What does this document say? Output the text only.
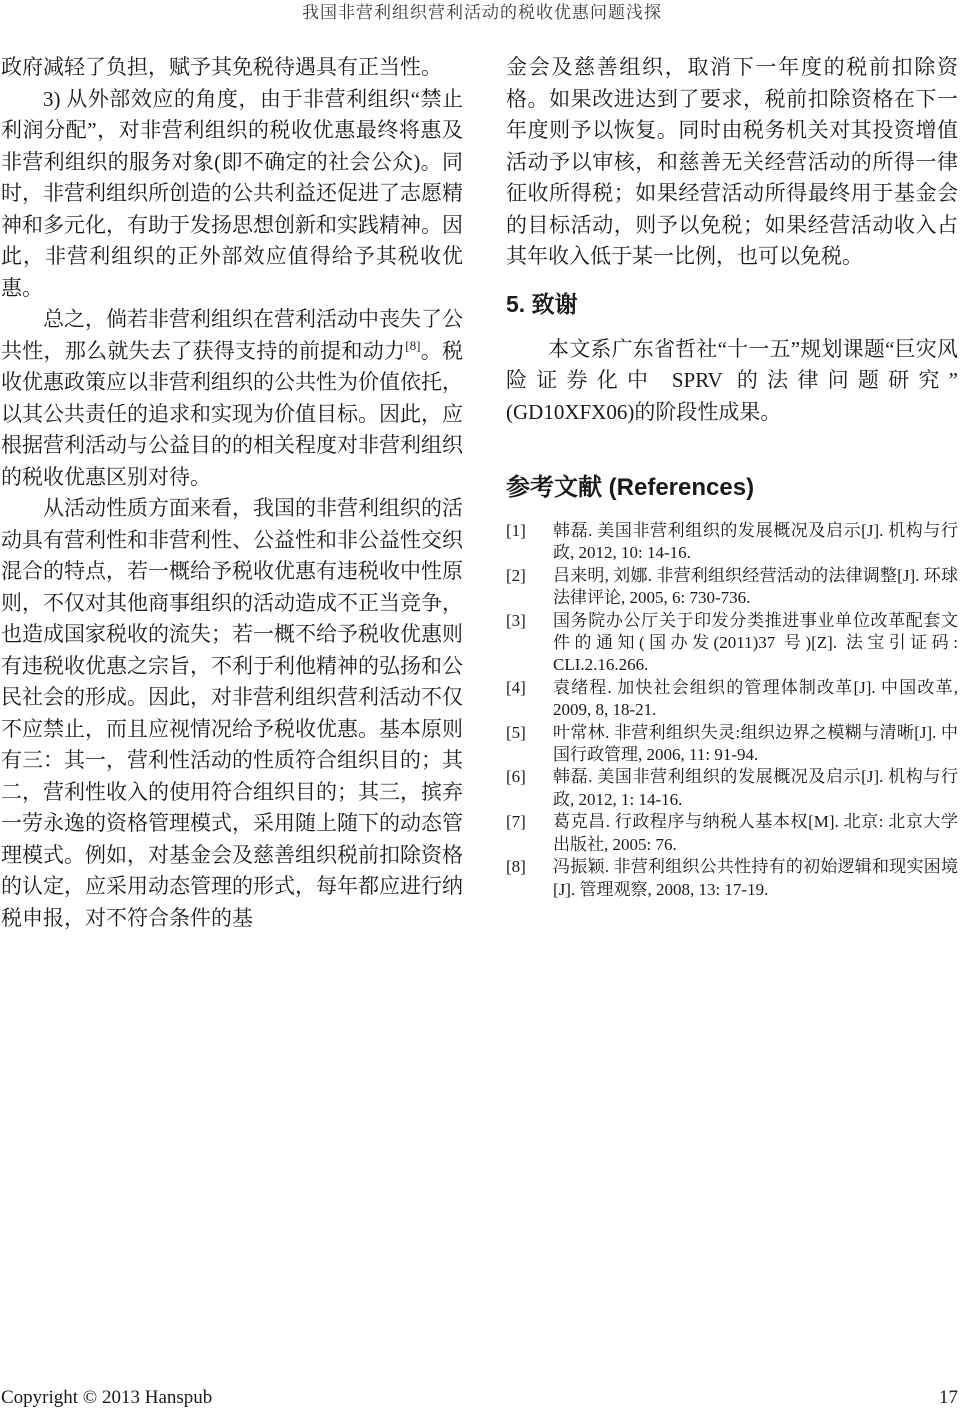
我国非营利组织营利活动的税收优惠问题浅探

政府减轻了负担，赋予其免税待遇具有正当性。

3) 从外部效应的角度，由于非营利组织“禁止利润分配”，对非营利组织的税收优惠最终将惠及非营利组织的服务对象(即不确定的社会公众)。同时，非营利组织所创造的公共利益还促进了志愿精神和多元化，有助于发扬思想创新和实践精神。因此，非营利组织的正外部效应值得给予其税收优惠。

总之，倘若非营利组织在营利活动中丧失了公共性，那么就失去了获得支持的前提和动力[8]。税收优惠政策应以非营利组织的公共性为价值依托，以其公共责任的追求和实现为价值目标。因此，应根据营利活动与公益目的的相关程度对非营利组织的税收优惠区别对待。

从活动性质方面来看，我国的非营利组织的活动具有营利性和非营利性、公益性和非公益性交织混合的特点，若一概给予税收优惠有违税收中性原则，不仅对其他商事组织的活动造成不正当竞争，也造成国家税收的流失；若一概不给予税收优惠则有违税收优惠之宗旨，不利于利他精神的弘扬和公民社会的形成。因此，对非营利组织营利活动不仅不应禁止，而且应视情况给予税收优惠。基本原则有三：其一，营利性活动的性质符合组织目的；其二，营利性收入的使用符合组织目的；其三，摈弃一劳永逸的资格管理模式，采用随上随下的动态管理模式。例如，对基金会及慈善组织税前扣除资格的认定，应采用动态管理的形式，每年都应进行纳税申报，对不符合条件的基

金会及慈善组织，取消下一年度的税前扣除资格。如果改进达到了要求，税前扣除资格在下一年度则予以恢复。同时由税务机关对其投资增值活动予以审核，和慈善无关经营活动的所得一律征收所得税；如果经营活动所得最终用于基金会的目标活动，则予以免税；如果经营活动收入占其年收入低于某一比例，也可以免税。

5. 致谢

本文系广东省哲社“十一五”规划课题“巨灾风险证券化中 SPRV 的法律问题研究” (GD10XFX06)的阶段性成果。

参考文献 (References)
[1] 韩磊. 美国非营利组织的发展概况及启示[J]. 机构与行政, 2012, 10: 14-16.
[2] 吕来明, 刘娜. 非营利组织经营活动的法律调整[J]. 环球法律评论, 2005, 6: 730-736.
[3] 国务院办公厅关于印发分类推进事业单位改革配套文件的通知(国办发(2011)37 号)[Z]. 法宝引证码: CLI.2.16.266.
[4] 袁绪程. 加快社会组织的管理体制改革[J]. 中国改革, 2009, 8, 18-21.
[5] 叶常林. 非营利组织失灵:组织边界之模糊与清晰[J]. 中国行政管理, 2006, 11: 91-94.
[6] 韩磊. 美国非营利组织的发展概况及启示[J]. 机构与行政, 2012, 1: 14-16.
[7] 葛克昌. 行政程序与纳税人基本权[M]. 北京: 北京大学出版社, 2005: 76.
[8] 冯振颖. 非营利组织公共性持有的初始逻辑和现实困境[J]. 管理观察, 2008, 13: 17-19.
Copyright © 2013 Hanspub	17
